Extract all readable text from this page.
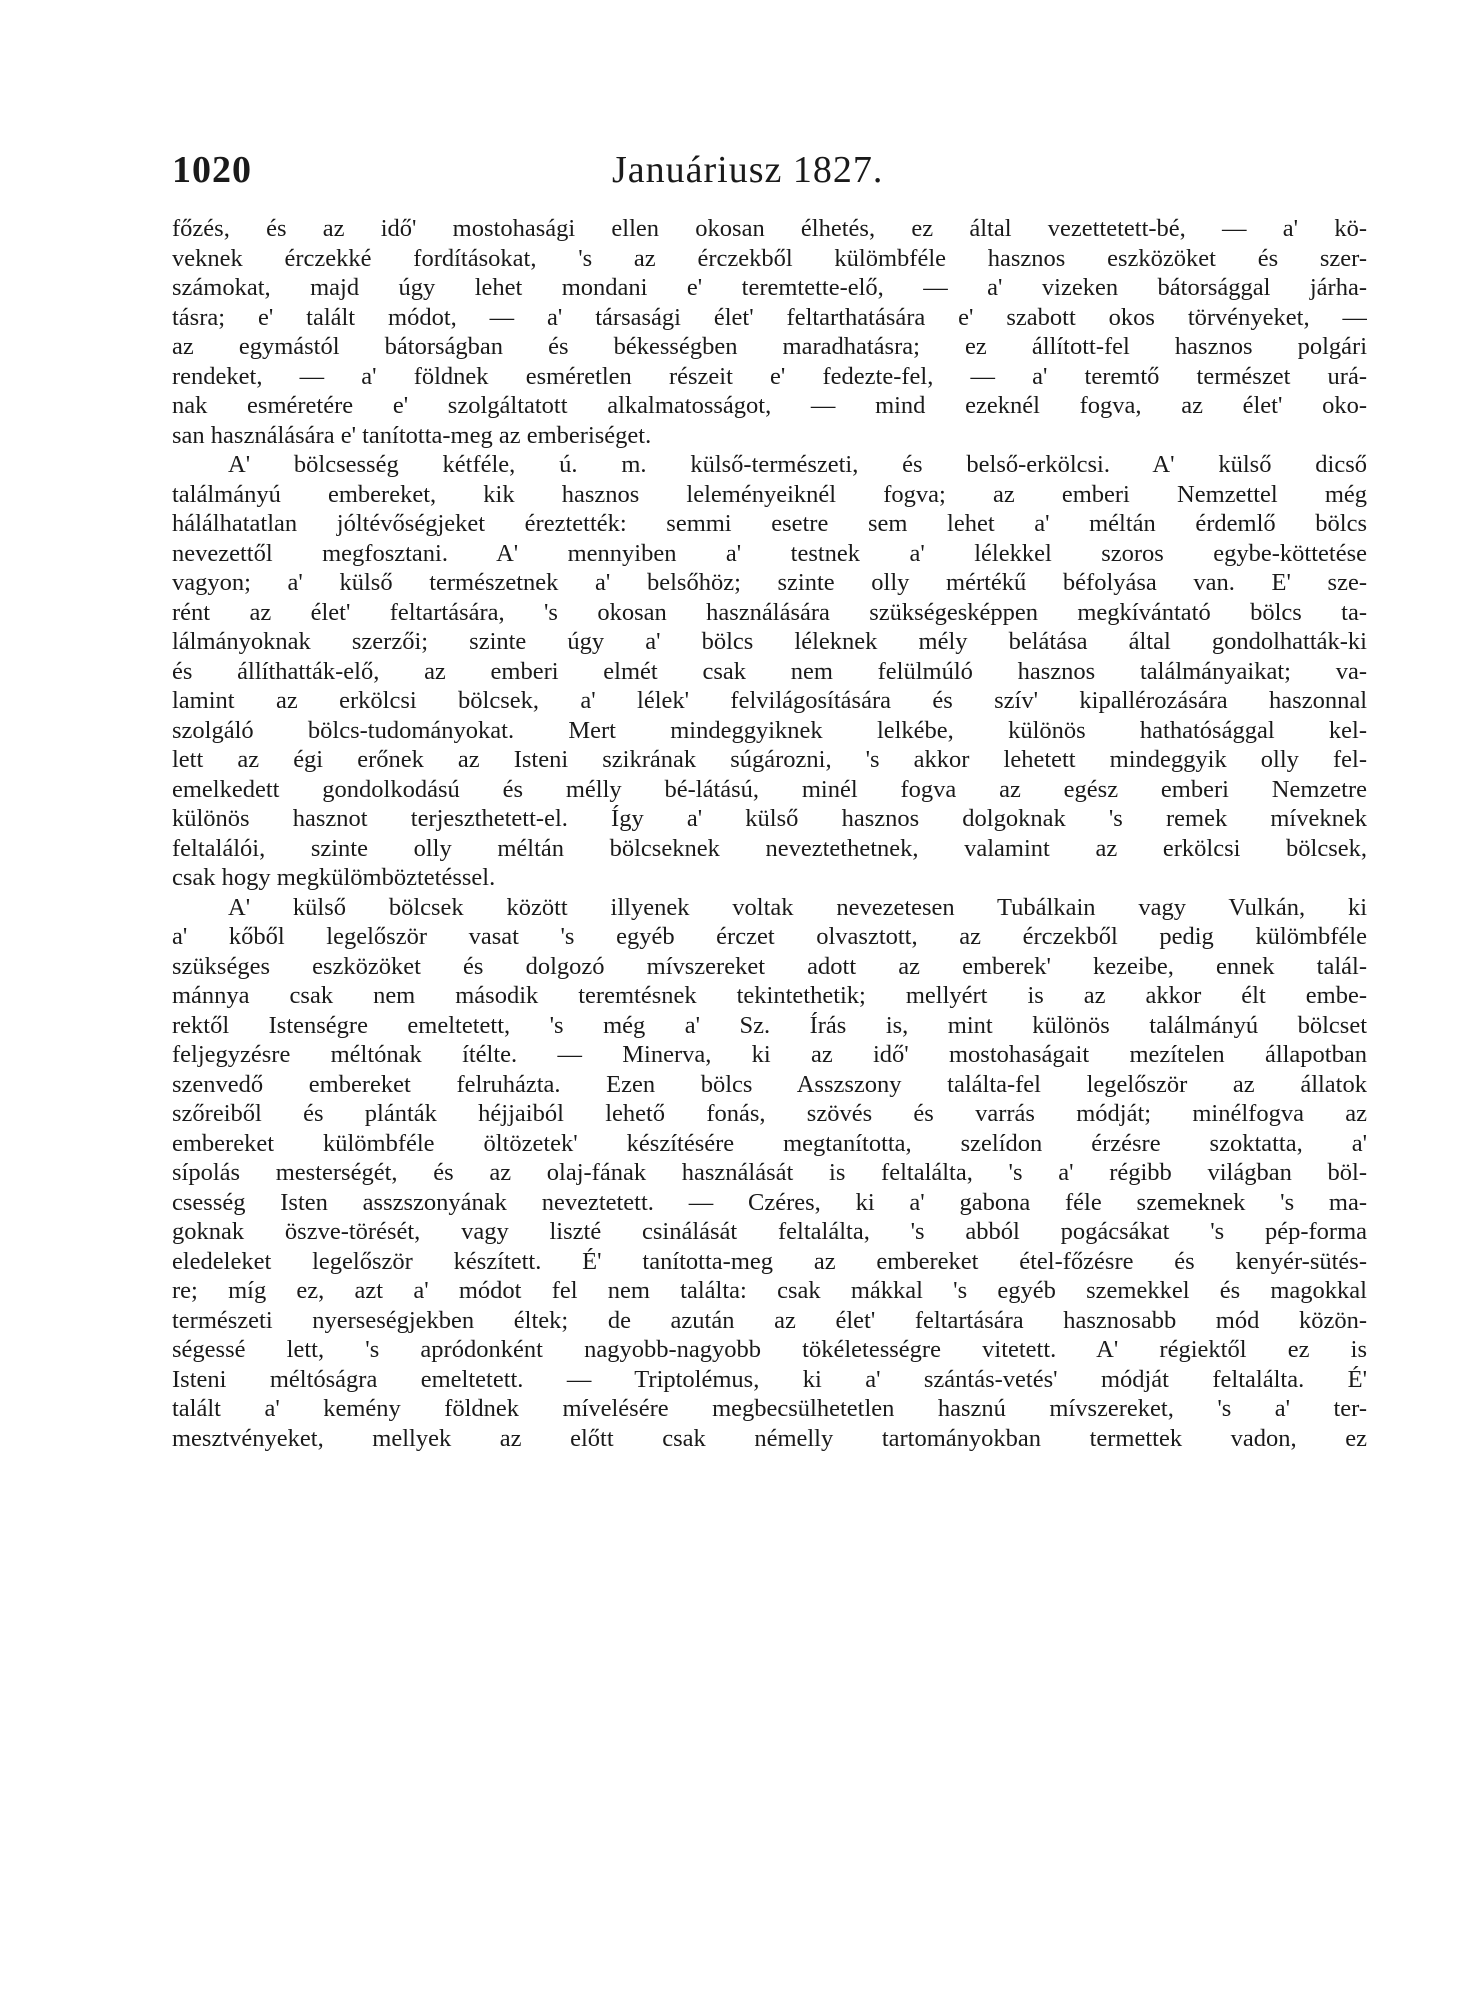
1020	Januáriusz 1827.
főzés, és az idő' mostohasági ellen okosan élhetés, ez által vezettetett-bé, — a' kö-
veknek érczekké fordításokat, 's az érczekből külömbféle hasznos eszközöket és szer-
számokat, majd úgy lehet mondani e' teremtette-elő, — a' vizeken bátorsággal járha-
tásra; e' talált módot, — a' társasági élet' feltarthatására e' szabott okos törvényeket, —
az egymástól bátorságban és békességben maradhatásra; ez állított-fel hasznos polgári
rendeket, — a' földnek esméretlen részeit e' fedezte-fel, — a' teremtő természet urá-
nak esméretére e' szolgáltatott alkalmatosságot, — mind ezeknél fogva, az élet' oko-
san használására e' tanította-meg az emberiséget.
A' bölcsesség kétféle, ú. m. külső-természeti, és belső-erkölcsi. A' külső dicső
találmányú embereket, kik hasznos leleményeiknél fogva; az emberi Nemzettel még
hálálhatatlan jóltévőségjeket éreztették: semmi esetre sem lehet a' méltán érdemlő bölcs
nevezettől megfosztani. A' mennyiben a' testnek a' lélekkel szoros egybe-köttetése
vagyon; a' külső természetnek a' belsőhöz; szinte olly mértékű béfolyása van. E' sze-
rént az élet' feltartására, 's okosan használására szükségesképpen megkívántató bölcs ta-
lálmányoknak szerzői; szinte úgy a' bölcs léleknek mély belátása által gondolhatták-ki
és állíthatták-elő, az emberi elmét csak nem felülmúló hasznos találmányaikat; va-
lamint az erkölcsi bölcsek, a' lélek' felvilágosítására és szív' kipallérozására haszonnal
szolgáló bölcs-tudományokat. Mert mindeggyiknek lelkébe, különös hathatósággal kel-
lett az égi erőnek az Isteni szikrának súgározni, 's akkor lehetett mindeggyik olly fel-
emelkedett gondolkodású és mélly bé-látású, minél fogva az egész emberi Nemzetre
különös hasznot terjeszthetett-el. Így a' külső hasznos dolgoknak 's remek míveknek
feltalálói, szinte olly méltán bölcseknek neveztethetnek, valamint az erkölcsi bölcsek,
csak hogy megkülömböztetéssel.
A' külső bölcsek között illyenek voltak nevezetesen Tubálkain vagy Vulkán, ki
a' kőből legelőször vasat 's egyéb érczet olvasztott, az érczekből pedig külömbféle
szükséges eszközöket és dolgozó mívszereket adott az emberek' kezeibe, ennek talál-
mánnya csak nem második teremtésnek tekintethetik; mellyért is az akkor élt embe-
rektől Istenségre emeltetett, 's még a' Sz. Írás is, mint különös találmányú bölcset
feljegyzésre méltónak ítélte. — Minerva, ki az idő' mostohaságait mezítelen állapotban
szenvedő embereket felruházta. Ezen bölcs Asszszony találta-fel legelőször az állatok
szőreiből és plánták héjjaiból lehető fonás, szövés és varrás módját; minélfogva az
embereket külömbféle öltözetek' készítésére megtanította, szelídon érzésre szoktatta, a'
sípolás mesterségét, és az olaj-fának használását is feltalálta, 's a' régibb világban böl-
csesség Isten asszszonyának neveztetett. — Czéres, ki a' gabona féle szemeknek 's ma-
goknak öszve-törését, vagy liszté csinálását feltalálta, 's abból pogácsákat 's pép-forma
eledeleket legelőször készített. É' tanította-meg az embereket étel-főzésre és kenyér-sütés-
re; míg ez, azt a' módot fel nem találta: csak mákkal 's egyéb szemekkel és magokkal
természeti nyerseségjekben éltek; de azután az élet' feltartására hasznosabb mód közön-
ségessé lett, 's apródonként nagyobb-nagyobb tökéletességre vitetett. A' régiektől ez is
Isteni méltóságra emeltetett. — Triptolémus, ki a' szántás-vetés' módját feltalálta. É'
talált a' kemény földnek mívelésére megbecsülhetetlen hasznú mívszereket, 's a' ter-
mesztvényeket, mellyek az előtt csak némelly tartományokban termettek vadon, ez
